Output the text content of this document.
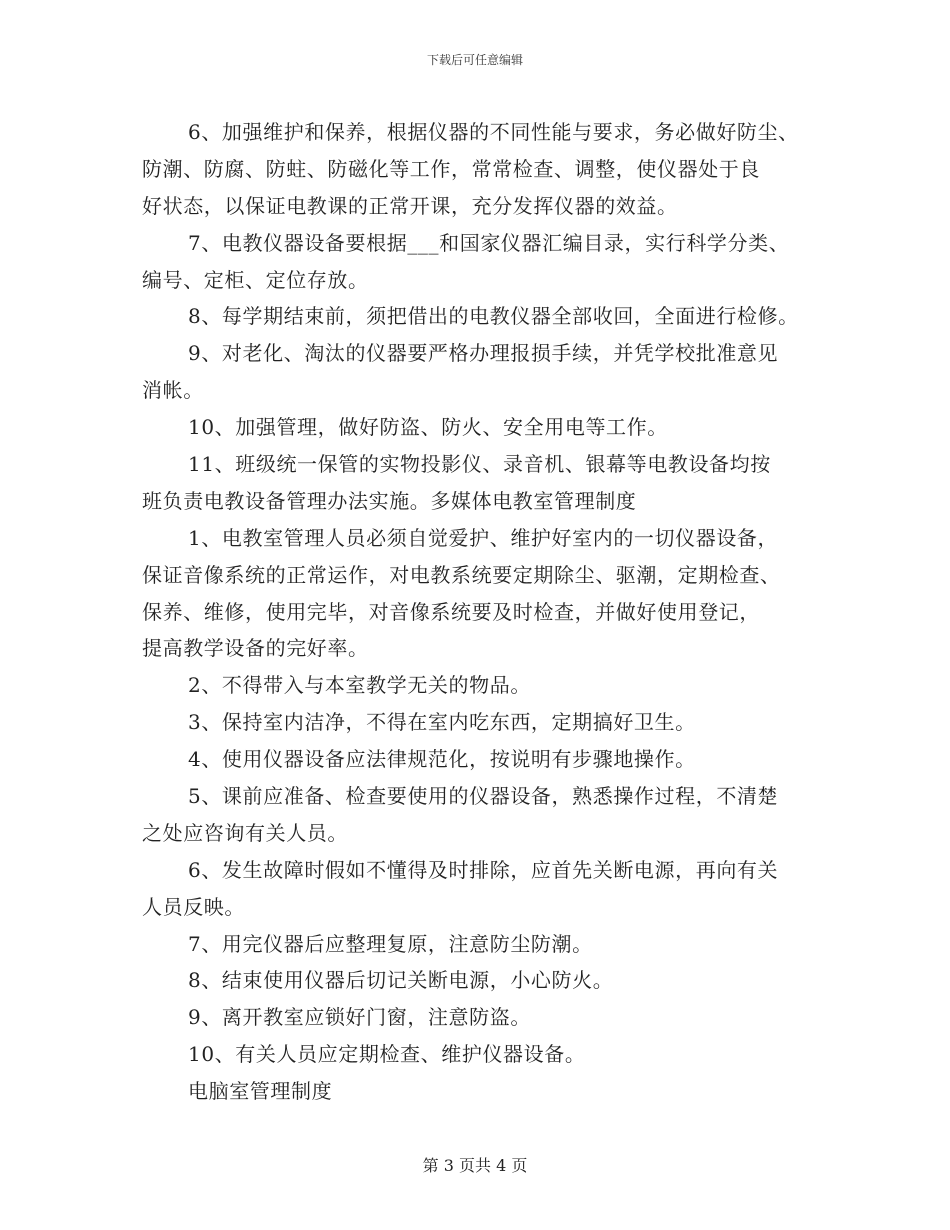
下载后可任意编辑
6、加强维护和保养，根据仪器的不同性能与要求，务必做好防尘、
防潮、防腐、防蛀、防磁化等工作，常常检查、调整，使仪器处于良
好状态，以保证电教课的正常开课，充分发挥仪器的效益。
7、电教仪器设备要根据___和国家仪器汇编目录，实行科学分类、
编号、定柜、定位存放。
8、每学期结束前，须把借出的电教仪器全部收回，全面进行检修。
9、对老化、淘汰的仪器要严格办理报损手续，并凭学校批准意见
消帐。
10、加强管理，做好防盗、防火、安全用电等工作。
11、班级统一保管的实物投影仪、录音机、银幕等电教设备均按
班负责电教设备管理办法实施。多媒体电教室管理制度
1、电教室管理人员必须自觉爱护、维护好室内的一切仪器设备，
保证音像系统的正常运作，对电教系统要定期除尘、驱潮，定期检查、
保养、维修，使用完毕，对音像系统要及时检查，并做好使用登记，
提高教学设备的完好率。
2、不得带入与本室教学无关的物品。
3、保持室内洁净，不得在室内吃东西，定期搞好卫生。
4、使用仪器设备应法律规范化，按说明有步骤地操作。
5、课前应准备、检查要使用的仪器设备，熟悉操作过程，不清楚
之处应咨询有关人员。
6、发生故障时假如不懂得及时排除，应首先关断电源，再向有关
人员反映。
7、用完仪器后应整理复原，注意防尘防潮。
8、结束使用仪器后切记关断电源，小心防火。
9、离开教室应锁好门窗，注意防盗。
10、有关人员应定期检查、维护仪器设备。
电脑室管理制度
第 3 页共 4 页
